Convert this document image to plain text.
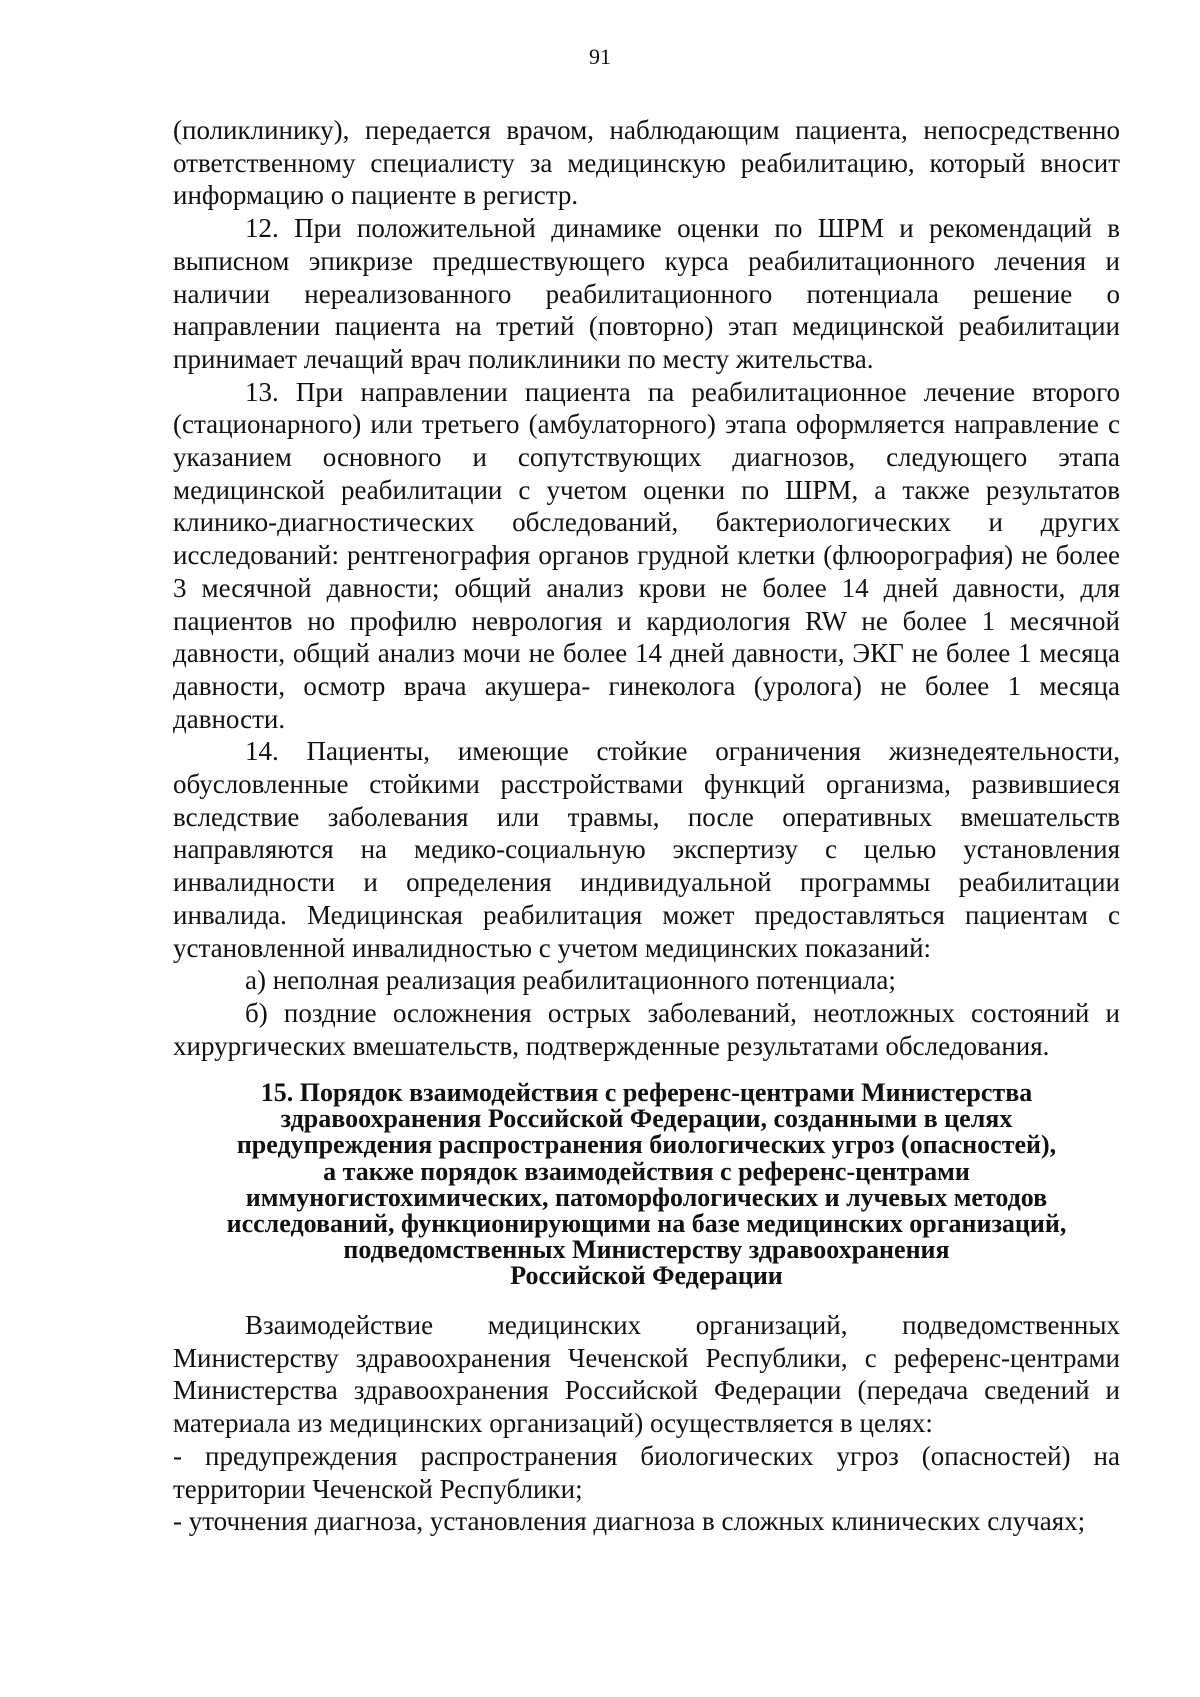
91

(поликлинику), передается врачом, наблюдающим пациента, непосредственно ответственному специалисту за медицинскую реабилитацию, который вносит информацию о пациенте в регистр.

12. При положительной динамике оценки по ШРМ и рекомендаций в выписном эпикризе предшествующего курса реабилитационного лечения и наличии нереализованного реабилитационного потенциала решение о направлении пациента на третий (повторно) этап медицинской реабилитации принимает лечащий врач поликлиники по месту жительства.

13. При направлении пациента па реабилитационное лечение второго (стационарного) или третьего (амбулаторного) этапа оформляется направление с указанием основного и сопутствующих диагнозов, следующего этапа медицинской реабилитации с учетом оценки по ШРМ, а также результатов клинико-диагностических обследований, бактериологических и других исследований: рентгенография органов грудной клетки (флюорография) не более 3 месячной давности; общий анализ крови не более 14 дней давности, для пациентов но профилю неврология и кардиология RW не более 1 месячной давности, общий анализ мочи не более 14 дней давности, ЭКГ не более 1 месяца давности, осмотр врача акушера- гинеколога (уролога) не более 1 месяца давности.

14. Пациенты, имеющие стойкие ограничения жизнедеятельности, обусловленные стойкими расстройствами функций организма, развившиеся вследствие заболевания или травмы, после оперативных вмешательств направляются на медико-социальную экспертизу с целью установления инвалидности и определения индивидуальной программы реабилитации инвалида. Медицинская реабилитация может предоставляться пациентам с установленной инвалидностью с учетом медицинских показаний:

а) неполная реализация реабилитационного потенциала;

б) поздние осложнения острых заболеваний, неотложных состояний и хирургических вмешательств, подтвержденные результатами обследования.

15. Порядок взаимодействия с референс-центрами Министерства
здравоохранения Российской Федерации, созданными в целях
предупреждения распространения биологических угроз (опасностей),
а также порядок взаимодействия с референс-центрами
иммуногистохимических, патоморфологических и лучевых методов
исследований, функционирующими на базе медицинских организаций,
подведомственных Министерству здравоохранения
Российской Федерации

Взаимодействие медицинских организаций, подведомственных Министерству здравоохранения Чеченской Республики, с референс-центрами Министерства здравоохранения Российской Федерации (передача сведений и материала из медицинских организаций) осуществляется в целях:

- предупреждения распространения биологических угроз (опасностей) на территории Чеченской Республики;

- уточнения диагноза, установления диагноза в сложных клинических случаях;
